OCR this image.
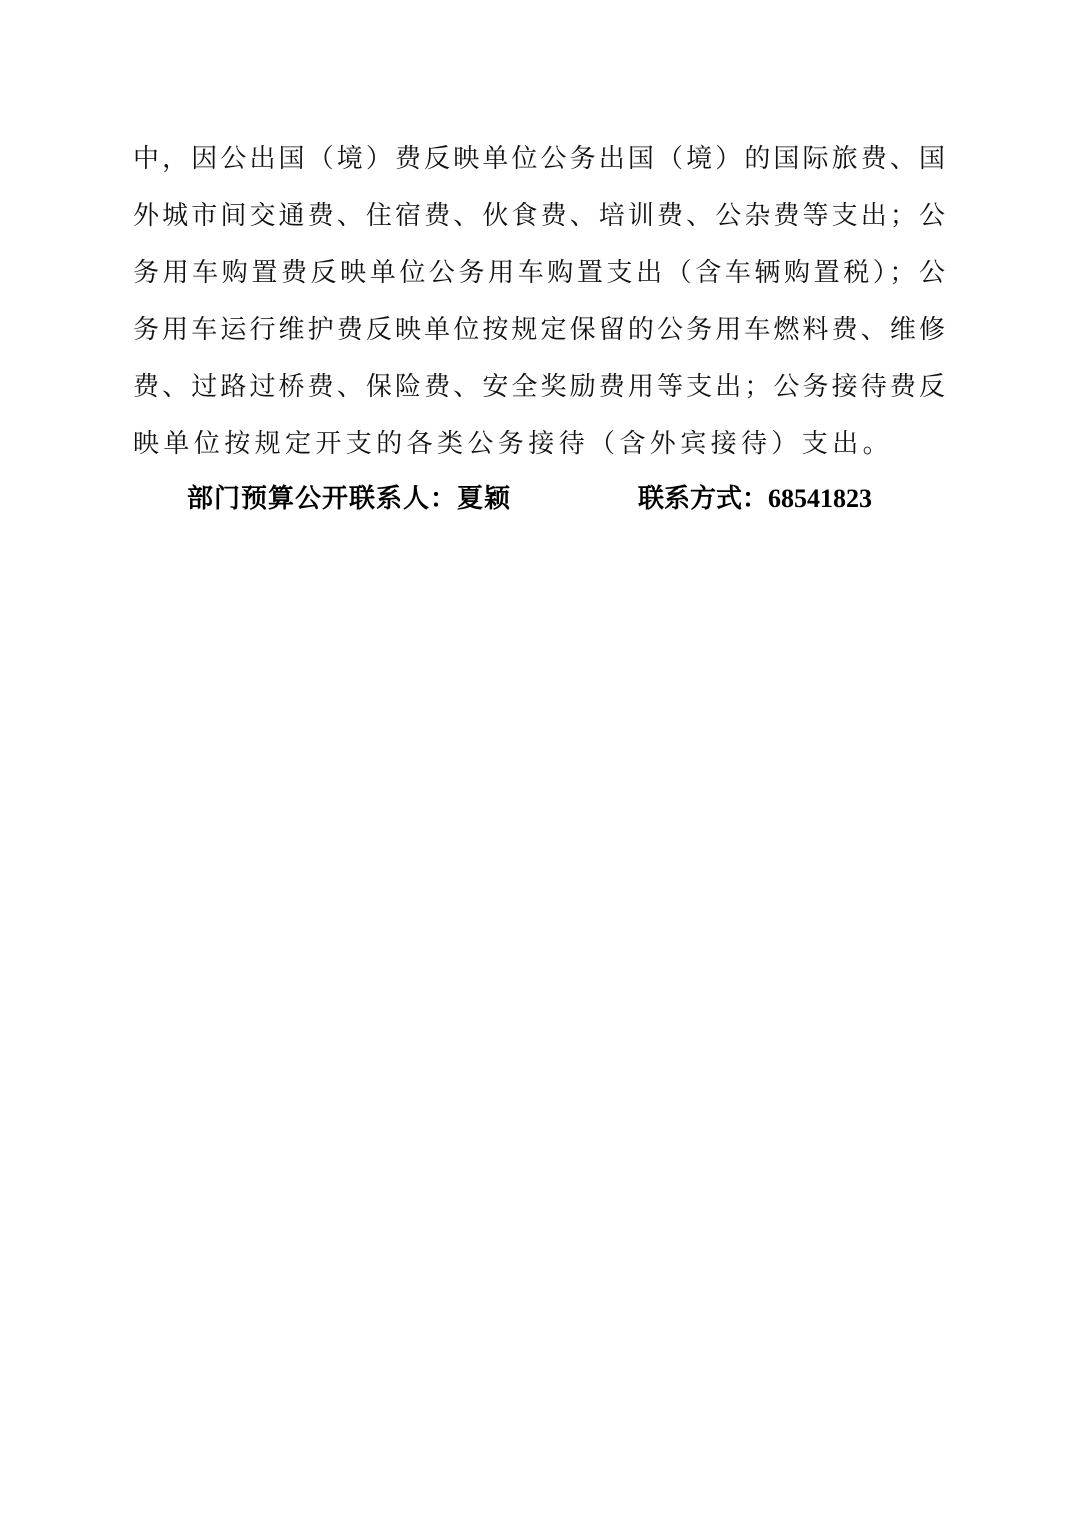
中，因公出国（境）费反映单位公务出国（境）的国际旅费、国
外城市间交通费、住宿费、伙食费、培训费、公杂费等支出；公
务用车购置费反映单位公务用车购置支出（含车辆购置税）；公
务用车运行维护费反映单位按规定保留的公务用车燃料费、维修
费、过路过桥费、保险费、安全奖励费用等支出；公务接待费反
映单位按规定开支的各类公务接待（含外宾接待）支出。
部门预算公开联系人：夏颖	联系方式：68541823
